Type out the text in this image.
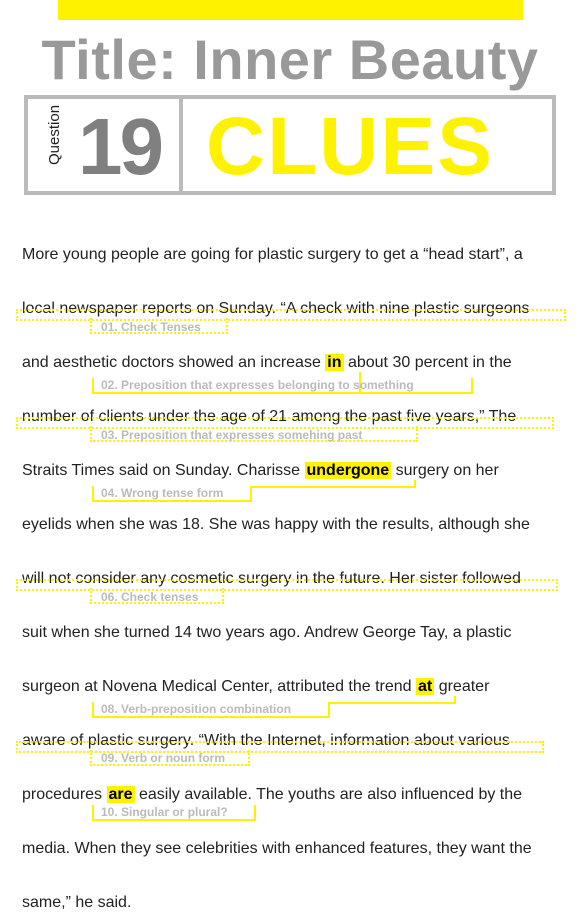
Title: Inner Beauty
Question 19 CLUES
More young people are going for plastic surgery to get a “head start”, a
local newspaper reports on Sunday. “A check with nine plastic surgeons
01. Check Tenses
and aesthetic doctors showed an increase in about 30 percent in the
02. Preposition that expresses belonging to something
number of clients under the age of 21 among the past five years,” The
03. Preposition that expresses somehing past
Straits Times said on Sunday. Charisse undergone surgery on her
04. Wrong tense form
eyelids when she was 18. She was happy with the results, although she
will not consider any cosmetic surgery in the future. Her sister followed
06. Check tenses
suit when she turned 14 two years ago. Andrew George Tay, a plastic
surgeon at Novena Medical Center, attributed the trend at greater
08. Verb-preposition combination
aware of plastic surgery. “With the Internet, information about various
09. Verb or noun form
procedures are easily available. The youths are also influenced by the
10. Singular or plural?
media. When they see celebrities with enhanced features, they want the
same,” he said.
